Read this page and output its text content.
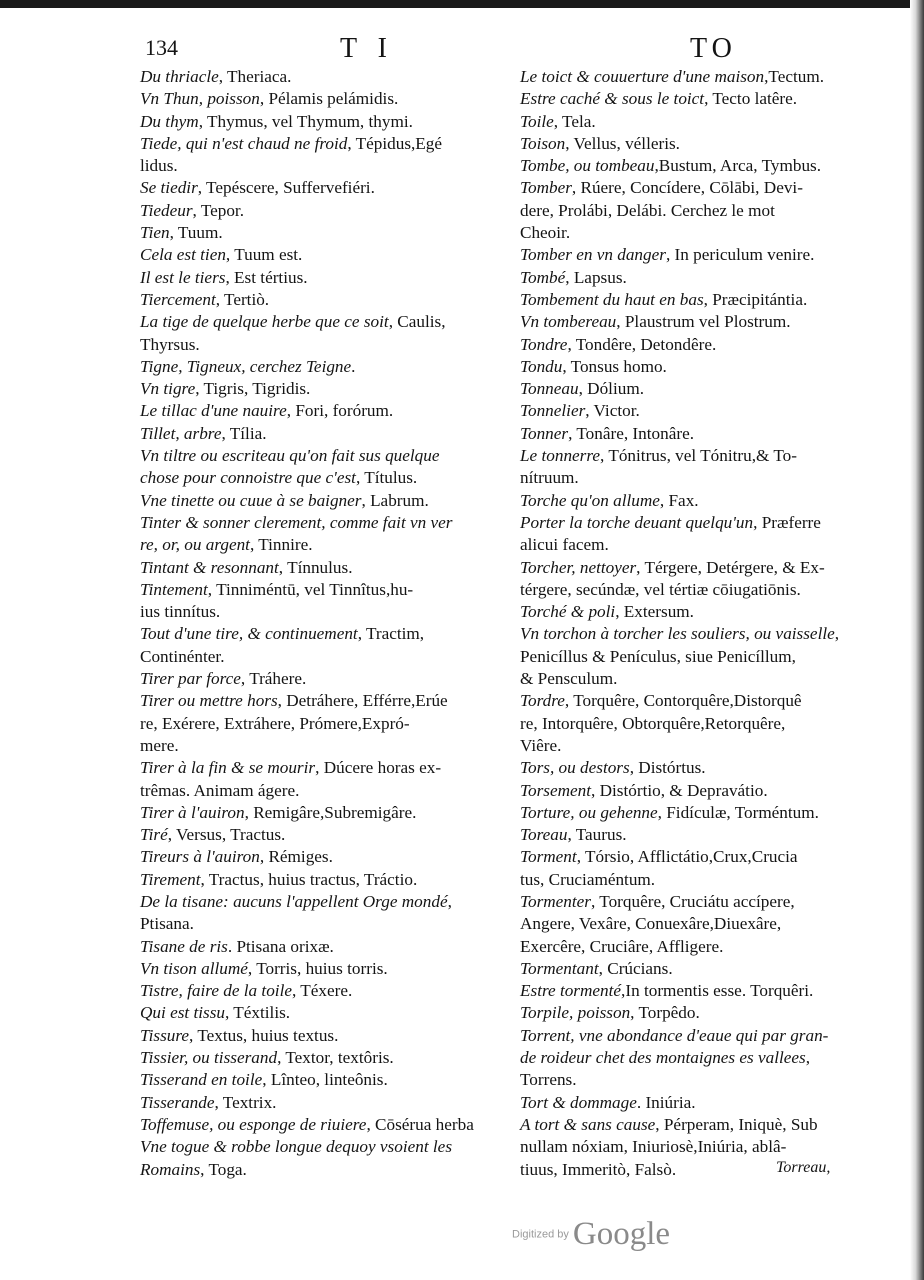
134	T I	TO
Du thriacle, Theriaca.
Vn Thun, poisson, Pélamis pelámidis.
Du thym, Thymus, vel Thymum, thymi.
Tiede, qui n'est chaud ne froid, Tépidus,Egé
lidus.
Se tiedir, Tepéscere, Suffervefiéri.
Tiedeur, Tepor.
Tien, Tuum.
Cela est tien, Tuum est.
Il est le tiers, Est tértius.
Tiercement, Tertiò.
La tige de quelque herbe que ce soit, Caulis,
Thyrsus.
Tigne, Tigneux, cerchez Teigne.
Vn tigre, Tigris, Tigridis.
Le tillac d'une nauire, Fori, forórum.
Tillet, arbre, Tília.
Vn tiltre ou escriteau qu'on fait sus quelque
chose pour connoistre que c'est, Títulus.
Vne tinette ou cuue à se baigner, Labrum.
Tinter & sonner clerement, comme fait vn ver
re, or, ou argent, Tinnire.
Tintant & resonnant, Tínnulus.
Tintement, Tinniméntū, vel Tinnîtus,hu-
ius tinnítus.
Tout d'une tire, & continuement, Tractim,
Continénter.
Tirer par force, Tráhere.
Tirer ou mettre hors, Detráhere, Efférre,Erúe
re, Exérere, Extráhere, Prómere,Expró-
mere.
Tirer à la fin & se mourir, Dúcere horas ex-
trêmas. Animam ágere.
Tirer à l'auiron, Remigâre,Subremigâre.
Tiré, Versus, Tractus.
Tireurs à l'auiron, Rémiges.
Tirement, Tractus, huius tractus, Tráctio.
De la tisane: aucuns l'appellent Orge mondé,
Ptisana.
Tisane de ris. Ptisana orixæ.
Vn tison allumé, Torris, huius torris.
Tistre, faire de la toile, Téxere.
Qui est tissu, Téxtilis.
Tissure, Textus, huius textus.
Tissier, ou tisserand, Textor, textôris.
Tisserand en toile, Lînteo, linteônis.
Tisserande, Textrix.
Toffemuse, ou esponge de riuiere, Cōsérua herba
Vne togue & robbe longue dequoy vsoient les
Romains, Toga.
Le toict & couuerture d'une maison,Tectum.
Estre caché & sous le toict, Tecto latêre.
Toile, Tela.
Toison, Vellus, vélleris.
Tombe, ou tombeau,Bustum, Arca, Tymbus.
Tomber, Rúere, Concídere, Cōlābi, Devi-
dere, Prolábi, Delábi. Cerchez le mot
Cheoir.
Tomber en vn danger, In periculum venire.
Tombé, Lapsus.
Tombement du haut en bas, Præcipitántia.
Vn tombereau, Plaustrum vel Plostrum.
Tondre, Tondêre, Detondêre.
Tondu, Tonsus homo.
Tonneau, Dólium.
Tonnelier, Victor.
Tonner, Tonâre, Intonâre.
Le tonnerre, Tónitrus, vel Tónitru,& To-
nítruum.
Torche qu'on allume, Fax.
Porter la torche deuant quelqu'un, Præferre
alicui facem.
Torcher, nettoyer, Térgere, Detérgere, & Ex-
térgere, secúndæ, vel tértiæ cōiugatiōnis.
Torché & poli, Extersum.
Vn torchon à torcher les souliers, ou vaisselle,
Penicíllus & Penículus, siue Penicíllum,
& Pensculum.
Tordre, Torquêre, Contorquêre,Distorquê
re, Intorquêre, Obtorquêre,Retorquêre,
Viêre.
Tors, ou destors, Distórtus.
Torsement, Distórtio, & Depravátio.
Torture, ou gehenne, Fidículæ, Torméntum.
Toreau, Taurus.
Torment, Tórsio, Afflictátio,Crux,Crucia
tus, Cruciaméntum.
Tormenter, Torquêre, Cruciátu accípere,
Angere, Vexâre, Conuexâre,Diuexâre,
Exercêre, Cruciâre, Affligere.
Tormentant, Crúcians.
Estre tormenté,In tormentis esse. Torquêri.
Torpile, poisson, Torpêdo.
Torrent, vne abondance d'eaue qui par gran-
de roideur chet des montaignes es vallees,
Torrens.
Tort & dommage. Iniúria.
A tort & sans cause, Pérperam, Iniquè, Sub
nullam nóxiam, Iniuriosè,Iniúria, ablâ-
tiuus, Immeritò, Falsò.	Torreau,
Digitized by Google
